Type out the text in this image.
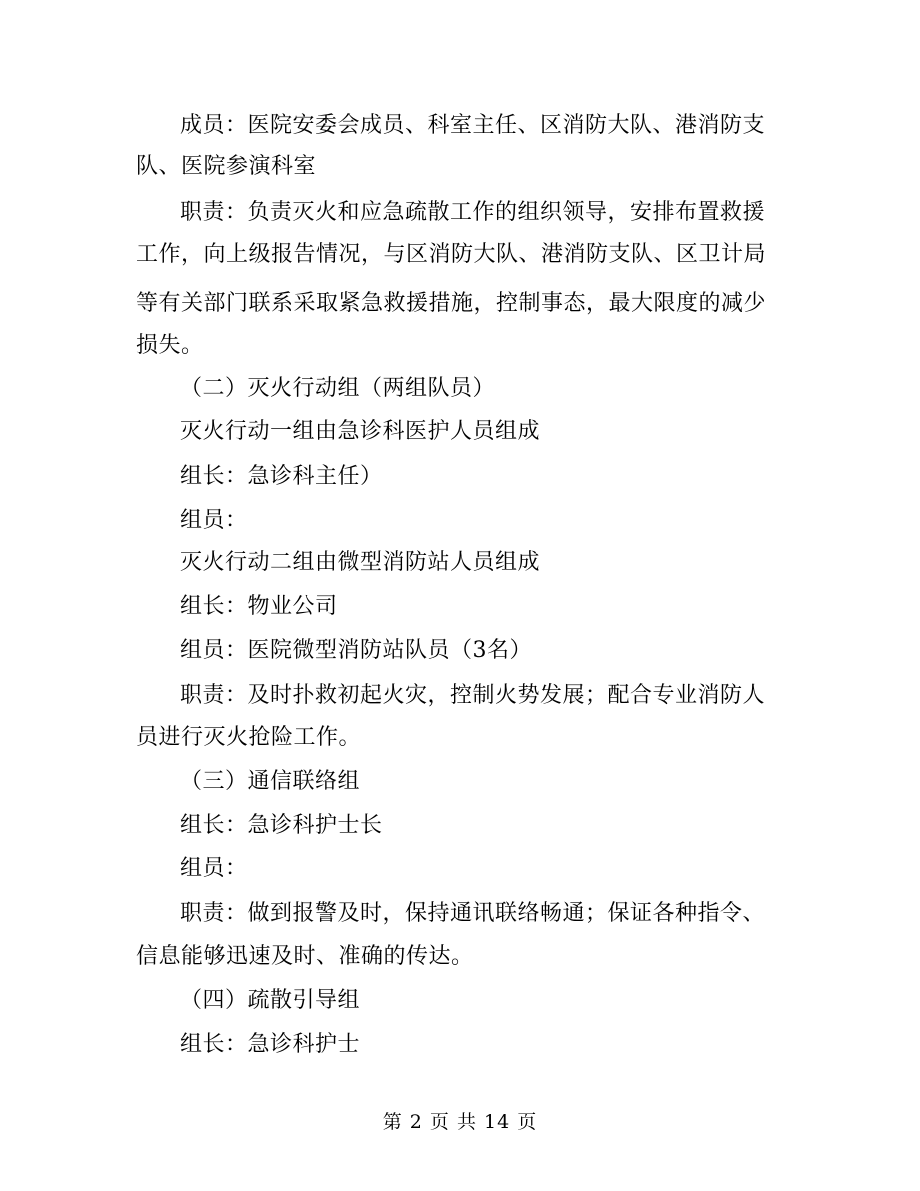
成员：医院安委会成员、科室主任、区消防大队、港消防支
队、医院参演科室
职责：负责灭火和应急疏散工作的组织领导，安排布置救援
工作，向上级报告情况，与区消防大队、港消防支队、区卫计局
等有关部门联系采取紧急救援措施，控制事态，最大限度的减少
损失。
（二）灭火行动组（两组队员）
灭火行动一组由急诊科医护人员组成
组长：急诊科主任）
组员：
灭火行动二组由微型消防站人员组成
组长：物业公司
组员：医院微型消防站队员（3名）
职责：及时扑救初起火灾，控制火势发展；配合专业消防人
员进行灭火抢险工作。
（三）通信联络组
组长：急诊科护士长
组员：
职责：做到报警及时，保持通讯联络畅通；保证各种指令、
信息能够迅速及时、准确的传达。
（四）疏散引导组
组长：急诊科护士
第 2 页 共 14 页
